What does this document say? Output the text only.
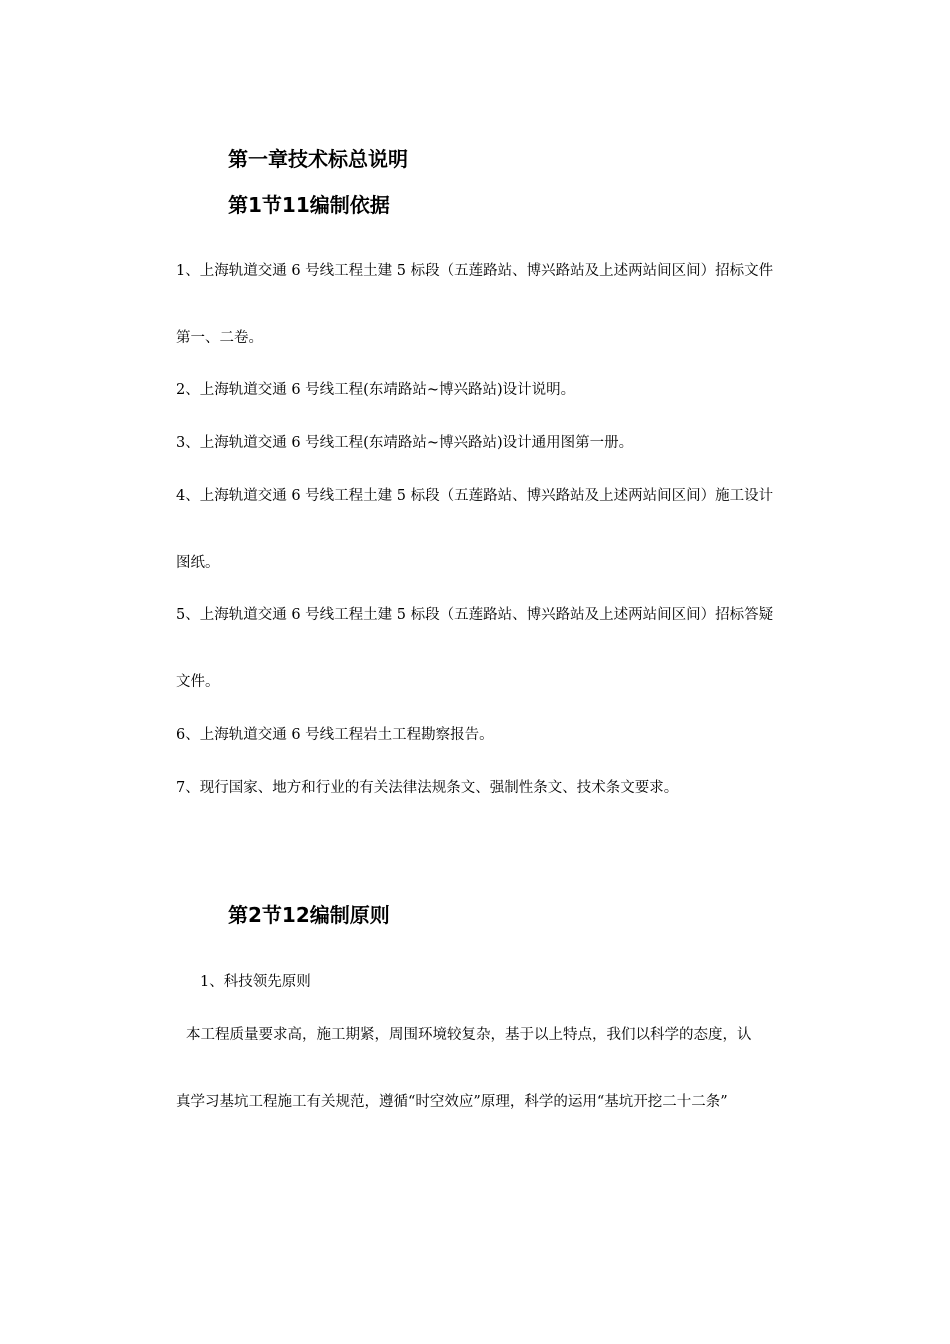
第一章技术标总说明
第1节11编制依据
1、上海轨道交通 6 号线工程土建 5 标段（五莲路站、博兴路站及上述两站间区间）招标文件
第一、二卷。
2、上海轨道交通 6 号线工程(东靖路站~博兴路站)设计说明。
3、上海轨道交通 6 号线工程(东靖路站~博兴路站)设计通用图第一册。
4、上海轨道交通 6 号线工程土建 5 标段（五莲路站、博兴路站及上述两站间区间）施工设计
图纸。
5、上海轨道交通 6 号线工程土建 5 标段（五莲路站、博兴路站及上述两站间区间）招标答疑
文件。
6、上海轨道交通 6 号线工程岩土工程勘察报告。
7、现行国家、地方和行业的有关法律法规条文、强制性条文、技术条文要求。
第2节12编制原则
1、科技领先原则
本工程质量要求高，施工期紧，周围环境较复杂，基于以上特点，我们以科学的态度，认
真学习基坑工程施工有关规范，遵循“时空效应”原理，科学的运用“基坑开挖二十二条”
